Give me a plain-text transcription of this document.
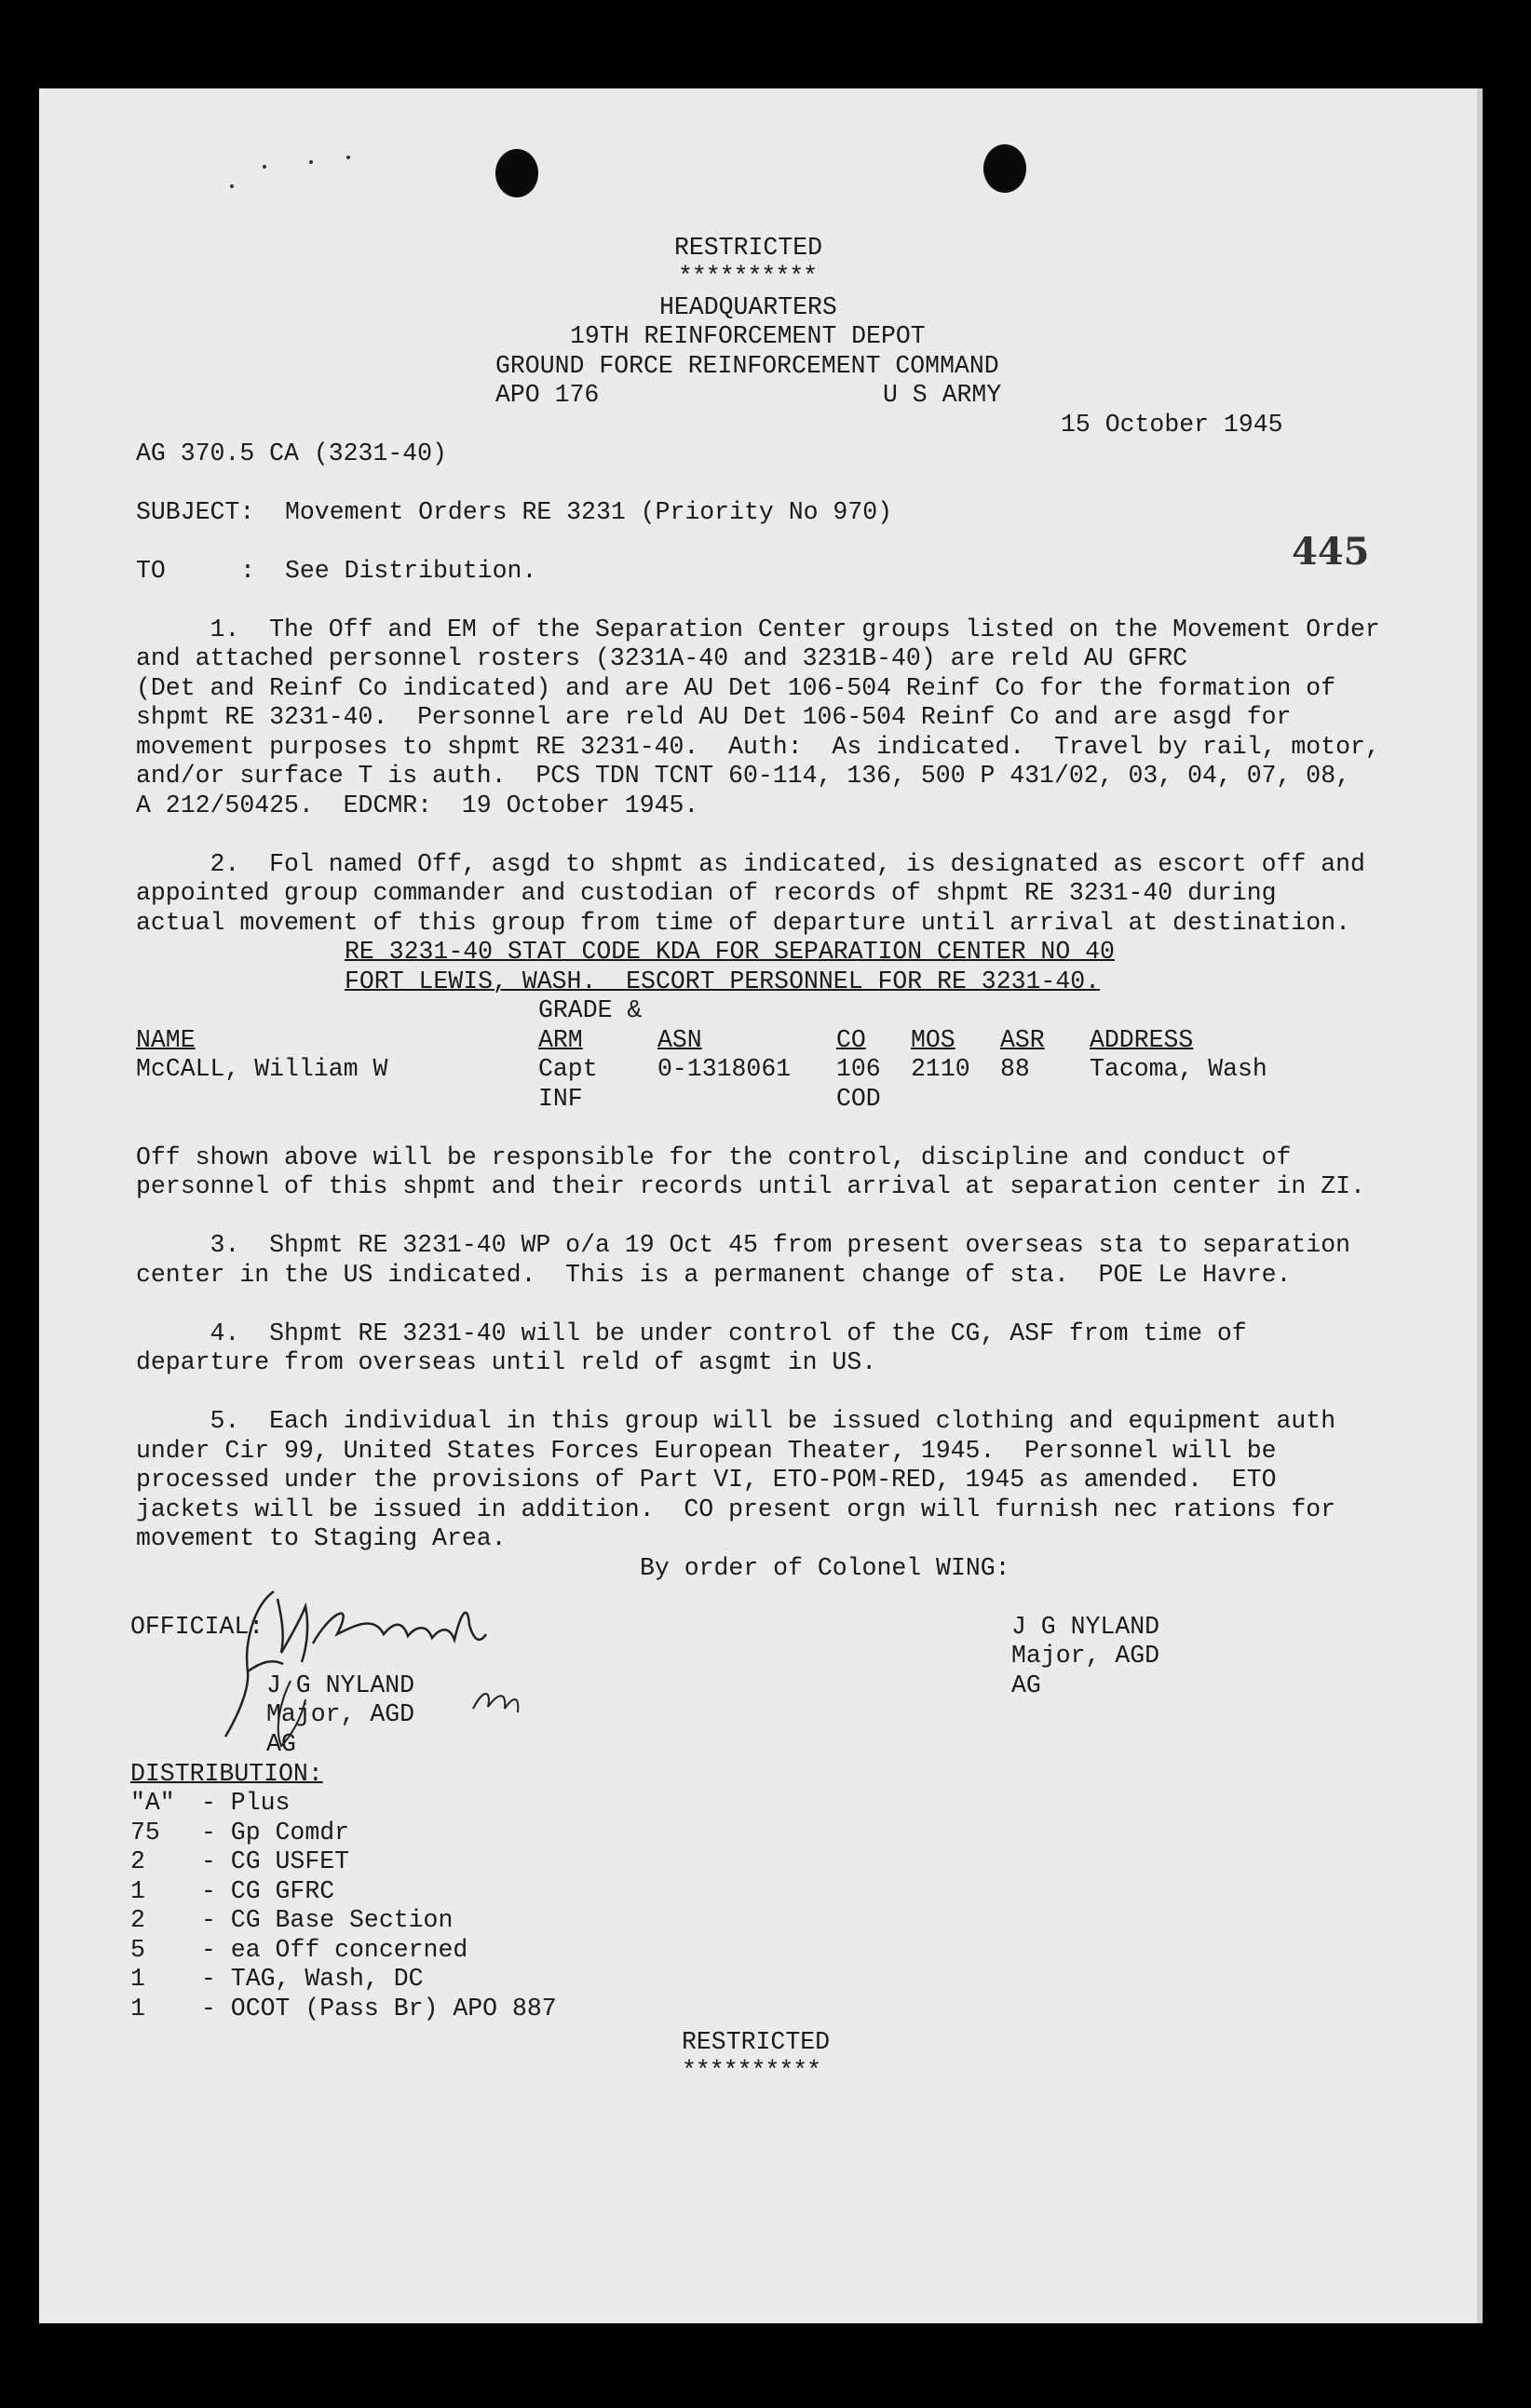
RESTRICTED
**********
HEADQUARTERS
19TH REINFORCEMENT DEPOT
GROUND FORCE REINFORCEMENT COMMAND
APO 176	U S ARMY
15 October 1945
AG 370.5 CA (3231-40)
445
SUBJECT: Movement Orders RE 3231 (Priority No 970)
TO	: See Distribution.
1.  The Off and EM of the Separation Center groups listed on the Movement Order
and attached personnel rosters (3231A-40 and 3231B-40) are reld AU GFRC
(Det and Reinf Co indicated) and are AU Det 106-504 Reinf Co for the formation of
shpmt RE 3231-40.  Personnel are reld AU Det 106-504 Reinf Co and are asgd for
movement purposes to shpmt RE 3231-40.  Auth:  As indicated.  Travel by rail, motor,
and/or surface T is auth.  PCS TDN TCNT 60-114, 136, 500 P 431/02, 03, 04, 07, 08,
A 212/50425.  EDCMR:  19 October 1945.
2.  Fol named Off, asgd to shpmt as indicated, is designated as escort off and
appointed group commander and custodian of records of shpmt RE 3231-40 during
actual movement of this group from time of departure until arrival at destination.
RE 3231-40 STAT CODE KDA FOR SEPARATION CENTER NO 40
FORT LEWIS, WASH.  ESCORT PERSONNEL FOR RE 3231-40.
GRADE &
NAME	ARM	ASN	CO MOS ASR ADDRESS
McCALL, William W	Capt 0-1318061 106 2110 88 Tacoma, Wash
INF	COD
Off shown above will be responsible for the control, discipline and conduct of
personnel of this shpmt and their records until arrival at separation center in ZI.
3.  Shpmt RE 3231-40 WP o/a 19 Oct 45 from present overseas sta to separation
center in the US indicated.  This is a permanent change of sta.  POE Le Havre.
4.  Shpmt RE 3231-40 will be under control of the CG, ASF from time of
departure from overseas until reld of asgmt in US.
5.  Each individual in this group will be issued clothing and equipment auth
under Cir 99, United States Forces European Theater, 1945.  Personnel will be
processed under the provisions of Part VI, ETO-POM-RED, 1945 as amended.  ETO
jackets will be issued in addition.  CO present orgn will furnish nec rations for
movement to Staging Area.
By order of Colonel WING:
J G NYLAND
Major, AGD
AG
OFFICIAL:
J G NYLAND
Major, AGD
AG
DISTRIBUTION:
"A" - Plus
75 - Gp Comdr
2 - CG USFET
1 - CG GFRC
2 - CG Base Section
5 - ea Off concerned
1 - TAG, Wash, DC
1 - OCOT (Pass Br) APO 887
RESTRICTED
**********
